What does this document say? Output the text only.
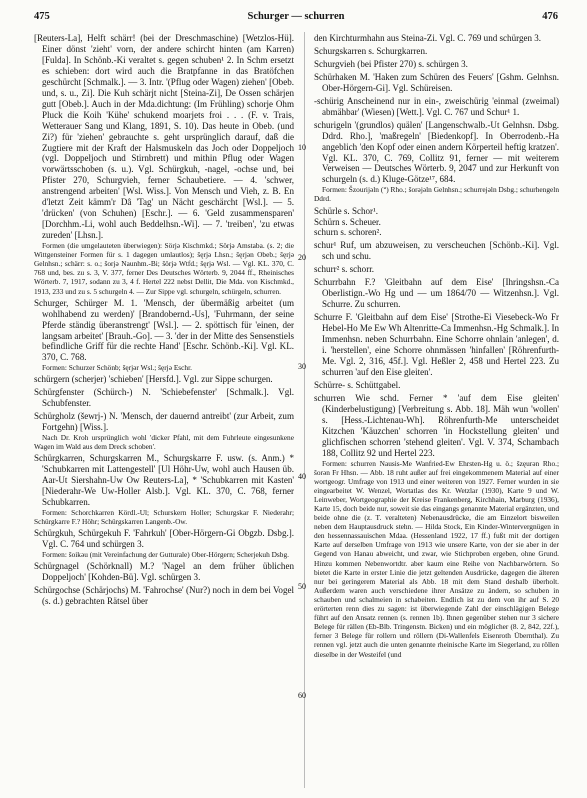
475	Schurger — schurren	476
10
20
30
40
50
60

[Reuters-La], Helft schärr! (bei der Dreschmaschine) [Wetzlos-Hü]. Einer dönst 'zieht' vorn, der andere schircht hinten (am Karren) [Fulda]. In Schönb.-Ki veraltet s. gegen schuben¹ 2. In Schm ersetzt es schieben: dort wird auch die Bratpfanne in das Bratöfchen geschürcht [Schmalk.]. — 3. Intr. '(Pflug oder Wagen) ziehen' [Obeb. und, s. u., Zi]. Die Kuh schärjt nicht [Steina-Zi], De Ossen schärjen gutt [Obeb.]. Auch in der Mda.dichtung: (Im Frühling) schorje Ohm Pluck die Koih 'Kühe' schukend moarjets froi . . . (F. v. Trais, Wetterauer Sang und Klang, 1891, S. 10). Das heute in Obeb. (und Zi?) für 'ziehen' gebrauchte s. geht ursprünglich darauf, daß die Zugtiere mit der Kraft der Halsmuskeln das Joch oder Doppeljoch (vgl. Doppeljoch und Stirnbrett) und mithin Pflug oder Wagen vorwärtsschoben (s. u.). Vgl. Schürgkuh, -nagel, -ochse und, bei Pfister 270, Schurgvieh, ferner Schaubetiere. — 4. 'schwer, anstrengend arbeiten' [Wsl. Wiss.]. Von Mensch und Vieh, z. B. En d'letzt Zeit kämm'r Dâ 'Tag' un Nächt geschärcht [Wsl.]. — 5. 'drücken' (von Schuhen) [Eschr.]. — 6. 'Geld zusammensparen' [Dorchhm.-Li, wohl auch Beddelhsn.-Wi]. — 7. 'treiben', 'zu etwas zureden' [Lhsn.].

Formen (die umgelauteten überwiegen): Sörjǝ Kischmkd.; Sörjǝ Amstaba. (s. 2; die Wittgensteiner Formen für s. 1 dagegen umlautlos); šęrjǝ Lhsn.; šęrjǝn Obeb.; šęrjǝ Gelnhsn.; schärr: s. o.; šorjǝ Naunhm.-Bi; šörjǝ Wtfd.; šęrjǝ Wsl. — Vgl. KL. 370, C. 768 und, bes. zu s. 3, V. 377, ferner Des Deutsches Wörterb. 9, 2044 ff., Rheinisches Wörterb. 7, 1917, sodann zu 3, 4 f. Hertel 222 nebst Dellit, Die Mda. von Kischmkd., 1913, 233 und zu s. 5 schurgeln 4. — Zur Sippe vgl. schurgeln, schürgeln, schurren.

Schurger, Schürger M. 1. 'Mensch, der übermäßig arbeitet (um wohlhabend zu werden)' [Brandobernd.-Us], 'Fuhrmann, der seine Pferde ständig überanstrengt' [Wsl.]. — 2. spöttisch für 'einen, der langsam arbeitet' [Brauh.-Go]. — 3. 'der in der Mitte des Sensenstiels befindliche Griff für die rechte Hand' [Eschr. Schönb.-Ki]. Vgl. KL. 370, C. 768.

Formen: Schurzer Schönb; šęrjǝr Wsl.; šęrjǝ Eschr.

schürgern (scherjer) 'schieben' [Hersfd.]. Vgl. zur Sippe schurgen.

Schürgfenster (Schürch-) N. 'Schiebefenster' [Schmalk.]. Vgl. Schubfenster.

Schürgholz (šewrj-) N. 'Mensch, der dauernd antreibt' (zur Arbeit, zum Fortgehn) [Wiss.].

Nach Dr. Kroh ursprünglich wohl 'dicker Pfahl, mit dem Fuhrleute eingesunkene Wagen im Wald aus dem Dreck schoben'.

Schürgkarren, Schurgskarren M., Schurgskarre F. usw. (s. Anm.) * 'Schubkarren mit Lattengestell' [Ul Höhr-Uw, wohl auch Hausen üb. Aar-Ut Siershahn-Uw Ow Reuters-La], * 'Schubkarren mit Kasten' [Niederahr-We Uw-Holler Alsb.]. Vgl. KL. 370, C. 768, ferner Schubkarren.

Formen: Schorchkarren Kördl.-Ul; Schurskern Holler; Schurgskar F. Niederahr; Schürgkarre F.? Höhr; Schürgskarren Langenb.-Ow.

Schürgkuh, Schürgekuh F. 'Fahrkuh' [Ober-Hörgern-Gi Obgzb. Dsbg.]. Vgl. C. 764 und schürgen 3.

Formen: šoikǝu (mit Vereinfachung der Gutturale) Ober-Hörgern; Scherjekuh Dsbg.

Schürgnagel (Schörknall) M.? 'Nagel an dem früher üblichen Doppeljoch' [Kohden-Bü]. Vgl. schürgen 3.

Schürgochse (Schärjochs) M. 'Fahrochse' (Nur?) noch in dem bei Vogel (s. d.) gebrachten Rätsel über

den Kirchturmhahn aus Steina-Zi. Vgl. C. 769 und schürgen 3.

Schurgskarren s. Schurgkarren.

Schurgvieh (bei Pfister 270) s. schürgen 3.

Schürhaken M. 'Haken zum Schüren des Feuers' [Gshm. Gelnhsn. Ober-Hörgern-Gi]. Vgl. Schüreisen.

-schürig Anscheinend nur in ein-, zweischürig 'einmal (zweimal) abmähbar' (Wiesen) [Wett.]. Vgl. C. 767 und Schur¹ 1.

schurigeln '(grundlos) quälen' [Langenschwalb.-Ut Gelnhsn. Dsbg. Ddrd. Rho.], 'maßregeln' [Biedenkopf]. In Oberrodenb.-Ha angeblich 'den Kopf oder einen andern Körperteil heftig kratzen'. Vgl. KL. 370, C. 769, Collitz 91, ferner — mit weiterem Verweisen — Deutsches Wörterb. 9, 2047 und zur Herkunft von schurgeln (s. d.) Kluge-Götze¹⁷, 684.

Formen: Šzourijǝln (ᐡ) Rho.; šorǝjǝln Gelnhsn.; schurrejǝln Dsbg.; schurhengeln Ddrd.

Schürle s. Schor¹.

Schürn s. Scheuer.

schurn s. schoren².

schur¹ Ruf, um abzuweisen, zu verscheuchen [Schönb.-Ki]. Vgl. sch und schu.

schurr² s. schorr.

Schurrbahn F.? 'Gleitbahn auf dem Eise' [Ihringshsn.-Ca Oberlistign.-Wo Hg und — um 1864/70 — Witzenhsn.]. Vgl. Schurre. Zu schurren.

Schurre F. 'Gleitbahn auf dem Eise' [Strothe-Ei Viesebeck-Wo Fr Hebel-Ho Me Ew Wh Altenritte-Ca Immenhsn.-Hg Schmalk.]. In Immenhsn. neben Schurrbahn. Eine Schorre ohnlain 'anlegen', d. i. 'herstellen', eine Schorre ohnmässen 'hinfallen' [Röhrenfurth-Me. Vgl. 2, 316, 45f.]. Vgl. Heßler 2, 458 und Hertel 223. Zu schurren 'auf den Eise gleiten'.

Schürre- s. Schüttgabel.

schurren Wie schd. Ferner * 'auf dem Eise gleiten' (Kinderbelustigung) [Verbreitung s. Abb. 18]. Mäh wun 'wollen' s. [Hess.-Lichtenau-Wh]. Röhrenfurth-Me unterscheidet Kitzchen 'Käuzchen' schorren 'in Hockstellung gleiten' und glichfischen schorren 'stehend gleiten'. Vgl. V. 374, Schambach 188, Collitz 92 und Hertel 223.

Formen: schurren Nausis-Me Wanfried-Ew Ehrsten-Hg u. ö.; šzęurǝn Rho.; šorǝn Fr Hhsn. — Abb. 18 ruht außer auf frei eingekommenem Material auf einer wortgeogr. Umfrage von 1913 und einer weiteren von 1927. Ferner wurden in sie eingearbeitet W. Wenzel, Wortatlas des Kr. Wetzlar (1930), Karte 9 und W. Leinweber, Wortgeographie der Kreise Frankenberg, Kirchhain, Marburg (1936), Karte 15, doch beide nur, soweit sie das eingangs genannte Material ergänzten, und beide ohne die (z. T. veralteten) Nebenausdrücke, die am Einzelort bisweilen neben dem Hauptausdruck stehn. — Hilda Stock, Ein Kinder-Wintervergnügen in den hessennassauischen Mdaa. (Hessenland 1922, 17 ff.) fußt mit der dortigen Karte auf derselben Umfrage von 1913 wie unsere Karte, von der sie aber in der Gegend von Hanau abweicht, und zwar, wie Stichproben ergeben, ohne Grund. Hinzu kommen Nebenwortdtr. aber kaum eine Reihe von Nachbarwörtern. So bietet die Karte in erster Linie die jetzt geltenden Ausdrücke, dagegen die älteren nur bei geringerem Material als Abb. 18 mit dem Stand deshalb überholt. Außerdem waren auch verschiedene ihrer Ansätze zu ändern, so schuben in schauben und schalmeien in schabeiten. Endlich ist zu dem von ihr auf S. 20 erörterten renn dies zu sagen: ist überwiegende Zahl der einschlägigen Belege führt auf den Ansatz rennen (s. rennen 1b). Ihnen gegenüber stehen nur 3 sichere Belege für rällen (Eb-Blb. Tringenstn. Bicken) und ein möglicher (8. 2, 842, 22f.), ferner 3 Belege für rollern und röllern (Di-Wallenfels Eisenroth Übernthal). Zu rennen vgl. jetzt auch die unten genannte rheinische Karte im Siegerland, zu röllen dieselbe in der Westeifel (und
